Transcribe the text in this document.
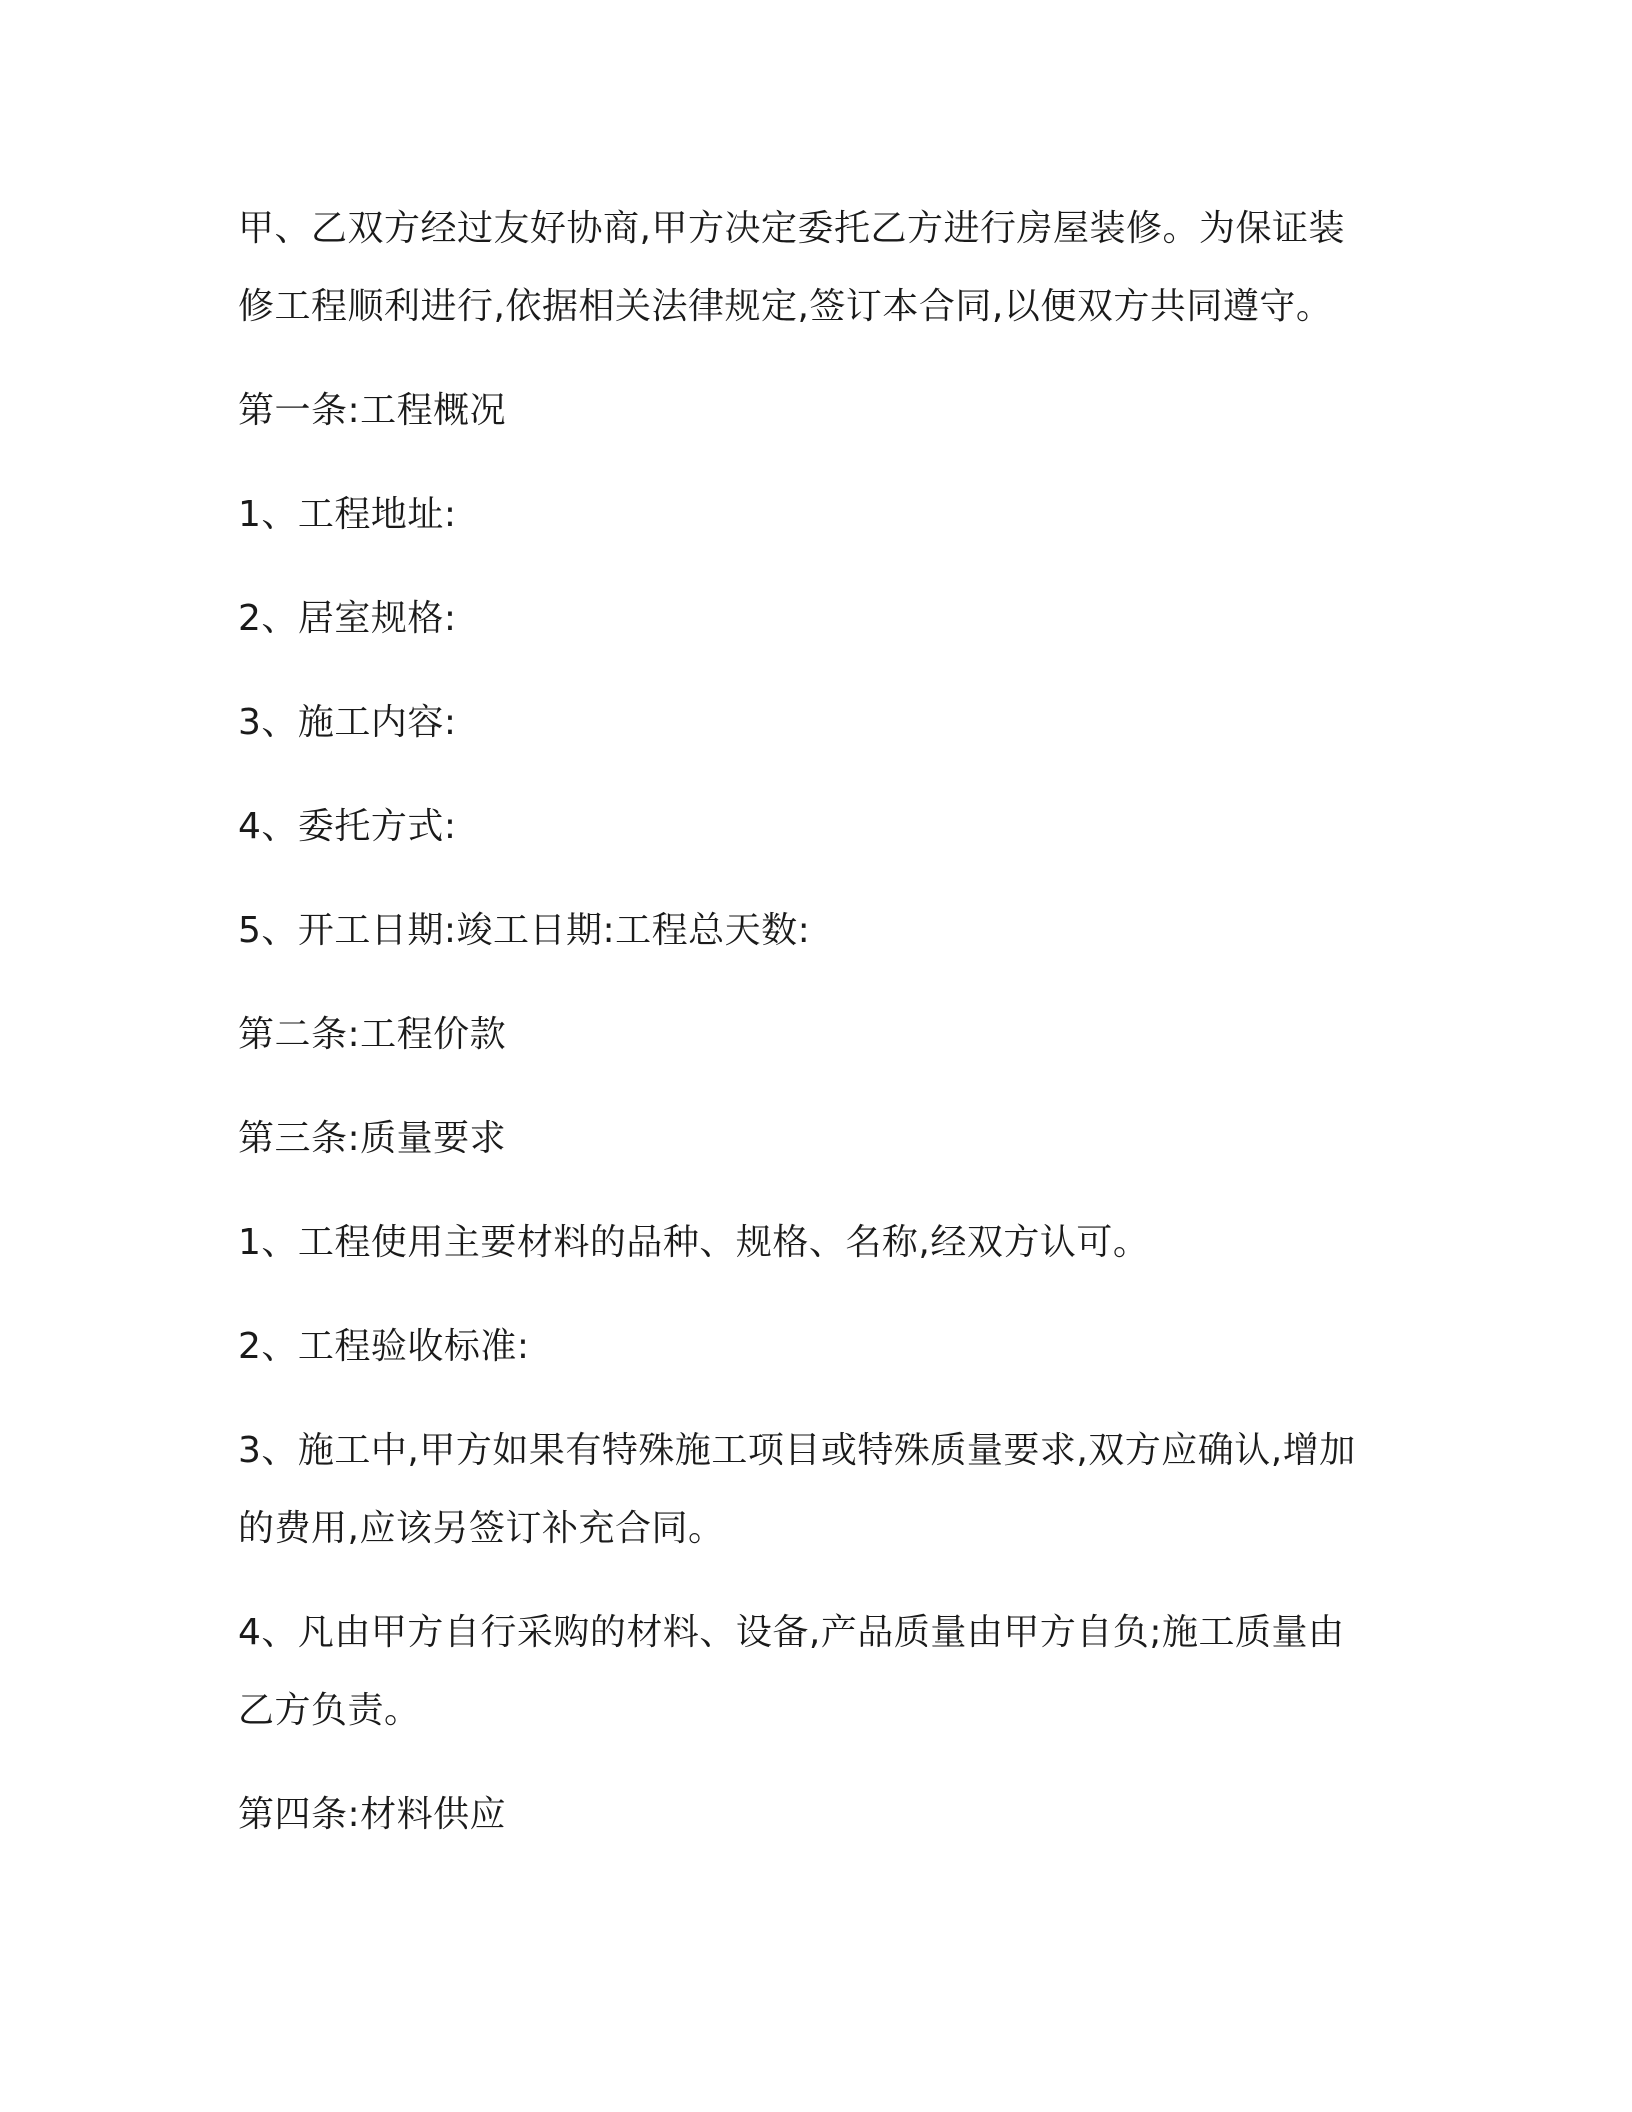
甲、乙双方经过友好协商,甲方决定委托乙方进行房屋装修。为保证装修工程顺利进行,依据相关法律规定,签订本合同,以便双方共同遵守。

第一条:工程概况

1、工程地址:

2、居室规格:

3、施工内容:

4、委托方式:

5、开工日期:竣工日期:工程总天数:

第二条:工程价款

第三条:质量要求

1、工程使用主要材料的品种、规格、名称,经双方认可。

2、工程验收标准:

3、施工中,甲方如果有特殊施工项目或特殊质量要求,双方应确认,增加的费用,应该另签订补充合同。

4、凡由甲方自行采购的材料、设备,产品质量由甲方自负;施工质量由乙方负责。

第四条:材料供应
